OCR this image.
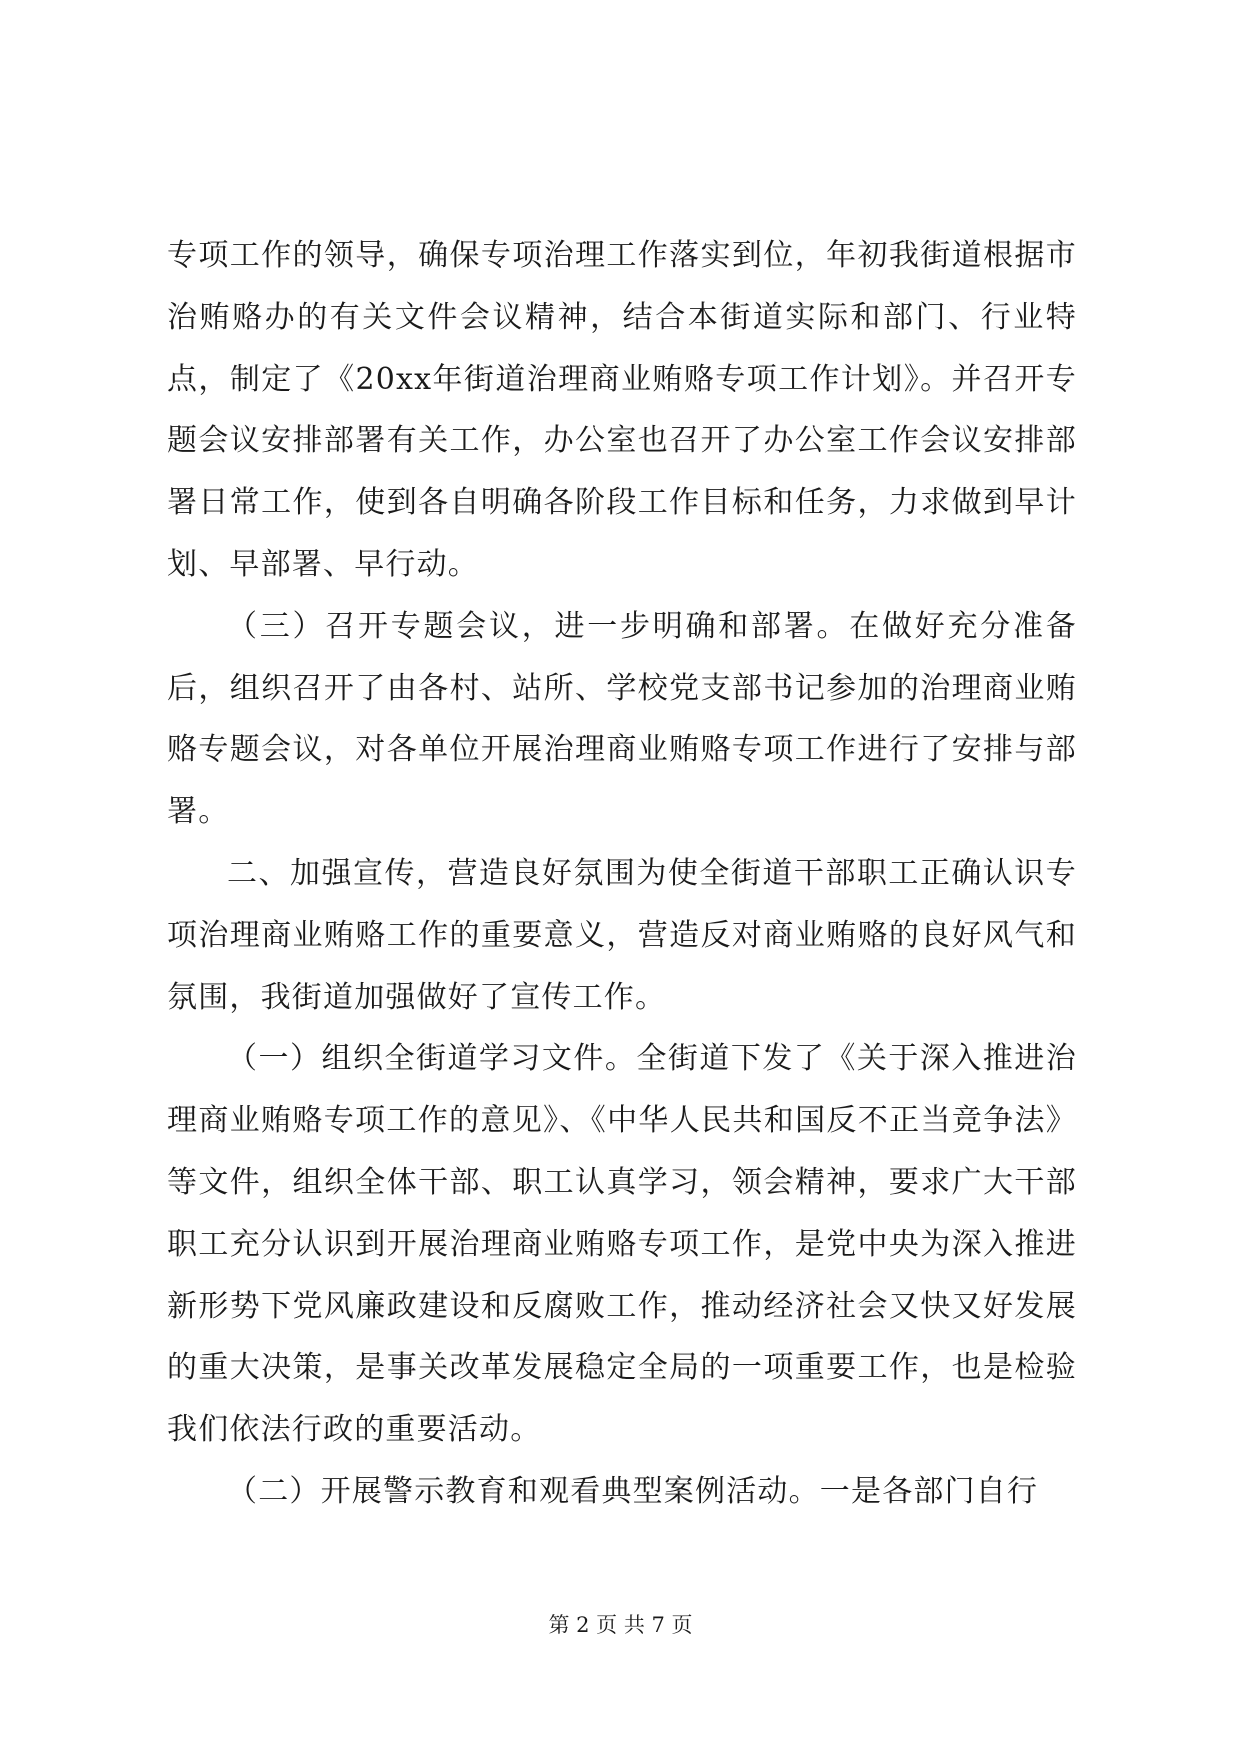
专项工作的领导，确保专项治理工作落实到位，年初我街道根据市治贿赂办的有关文件会议精神，结合本街道实际和部门、行业特点，制定了《20xx年街道治理商业贿赂专项工作计划》。并召开专题会议安排部署有关工作，办公室也召开了办公室工作会议安排部署日常工作，使到各自明确各阶段工作目标和任务，力求做到早计划、早部署、早行动。

（三）召开专题会议，进一步明确和部署。在做好充分准备后，组织召开了由各村、站所、学校党支部书记参加的治理商业贿赂专题会议，对各单位开展治理商业贿赂专项工作进行了安排与部署。

二、加强宣传，营造良好氛围为使全街道干部职工正确认识专项治理商业贿赂工作的重要意义，营造反对商业贿赂的良好风气和氛围，我街道加强做好了宣传工作。

（一）组织全街道学习文件。全街道下发了《关于深入推进治理商业贿赂专项工作的意见》、《中华人民共和国反不正当竞争法》等文件，组织全体干部、职工认真学习，领会精神，要求广大干部职工充分认识到开展治理商业贿赂专项工作，是党中央为深入推进新形势下党风廉政建设和反腐败工作，推动经济社会又快又好发展的重大决策，是事关改革发展稳定全局的一项重要工作，也是检验我们依法行政的重要活动。

（二）开展警示教育和观看典型案例活动。一是各部门自行

第 2 页 共 7 页
